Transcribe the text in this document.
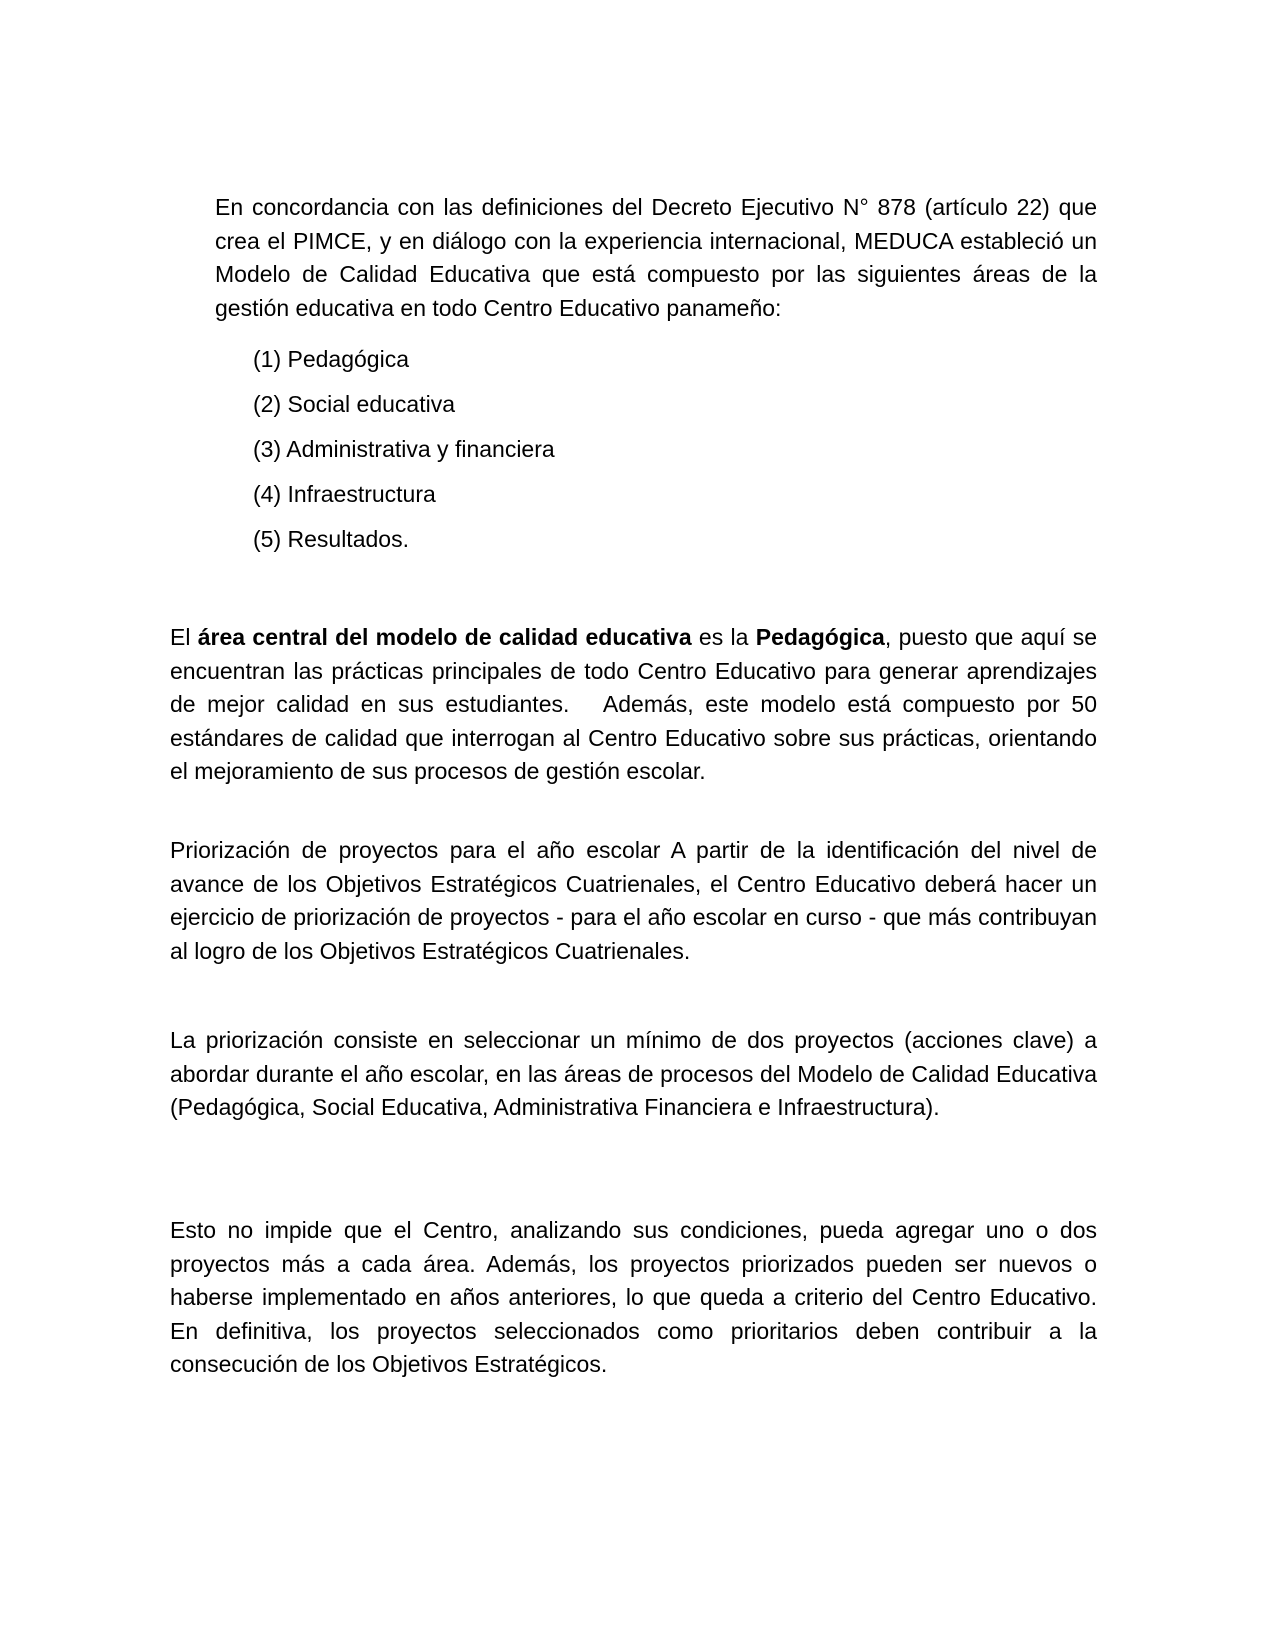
En concordancia con las definiciones del Decreto Ejecutivo N° 878 (artículo 22) que crea el PIMCE, y en diálogo con la experiencia internacional, MEDUCA estableció un Modelo de Calidad Educativa que está compuesto por las siguientes áreas de la gestión educativa en todo Centro Educativo panameño:

(1) Pedagógica
(2) Social educativa
(3) Administrativa y financiera
(4) Infraestructura
(5) Resultados.

El área central del modelo de calidad educativa es la Pedagógica, puesto que aquí se encuentran las prácticas principales de todo Centro Educativo para generar aprendizajes de mejor calidad en sus estudiantes.   Además, este modelo está compuesto por 50 estándares de calidad que interrogan al Centro Educativo sobre sus prácticas, orientando el mejoramiento de sus procesos de gestión escolar.

Priorización de proyectos para el año escolar A partir de la identificación del nivel de avance de los Objetivos Estratégicos Cuatrienales, el Centro Educativo deberá hacer un ejercicio de priorización de proyectos - para el año escolar en curso - que más contribuyan al logro de los Objetivos Estratégicos Cuatrienales.

La priorización consiste en seleccionar un mínimo de dos proyectos (acciones clave) a abordar durante el año escolar, en las áreas de procesos del Modelo de Calidad Educativa (Pedagógica, Social Educativa, Administrativa Financiera e Infraestructura).

Esto no impide que el Centro, analizando sus condiciones, pueda agregar uno o dos proyectos más a cada área. Además, los proyectos priorizados pueden ser nuevos o haberse implementado en años anteriores, lo que queda a criterio del Centro Educativo. En definitiva, los proyectos seleccionados como prioritarios deben contribuir a la consecución de los Objetivos Estratégicos.
